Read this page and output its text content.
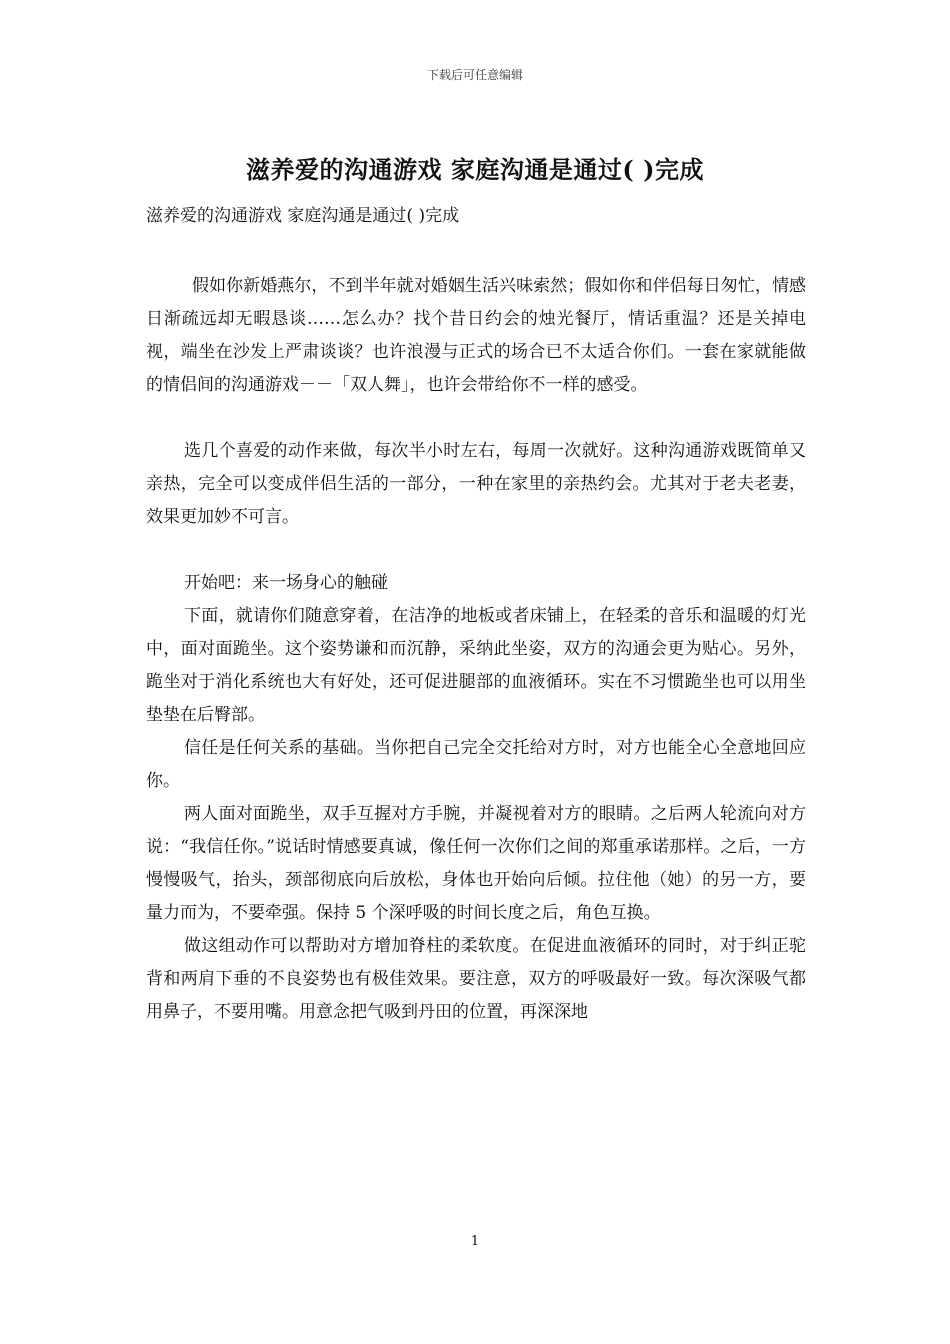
下载后可任意编辑
滋养爱的沟通游戏 家庭沟通是通过( )完成
滋养爱的沟通游戏 家庭沟通是通过( )完成

假如你新婚燕尔，不到半年就对婚姻生活兴味索然；假如你和伴侣每日匆忙，情感日渐疏远却无暇恳谈……怎么办？找个昔日约会的烛光餐厅，情话重温？还是关掉电视，端坐在沙发上严肃谈谈？也许浪漫与正式的场合已不太适合你们。一套在家就能做的情侣间的沟通游戏－－「双人舞」，也许会带给你不一样的感受。

选几个喜爱的动作来做，每次半小时左右，每周一次就好。这种沟通游戏既简单又亲热，完全可以变成伴侣生活的一部分，一种在家里的亲热约会。尤其对于老夫老妻，效果更加妙不可言。

开始吧：来一场身心的触碰

下面，就请你们随意穿着，在洁净的地板或者床铺上，在轻柔的音乐和温暖的灯光中，面对面跪坐。这个姿势谦和而沉静，采纳此坐姿，双方的沟通会更为贴心。另外，跪坐对于消化系统也大有好处，还可促进腿部的血液循环。实在不习惯跪坐也可以用坐垫垫在后臀部。

信任是任何关系的基础。当你把自己完全交托给对方时，对方也能全心全意地回应你。

两人面对面跪坐，双手互握对方手腕，并凝视着对方的眼睛。之后两人轮流向对方说：“我信任你。”说话时情感要真诚，像任何一次你们之间的郑重承诺那样。之后，一方慢慢吸气，抬头，颈部彻底向后放松，身体也开始向后倾。拉住他（她）的另一方，要量力而为，不要牵强。保持 5 个深呼吸的时间长度之后，角色互换。

做这组动作可以帮助对方增加脊柱的柔软度。在促进血液循环的同时，对于纠正驼背和两肩下垂的不良姿势也有极佳效果。要注意，双方的呼吸最好一致。每次深吸气都用鼻子，不要用嘴。用意念把气吸到丹田的位置，再深深地

1
